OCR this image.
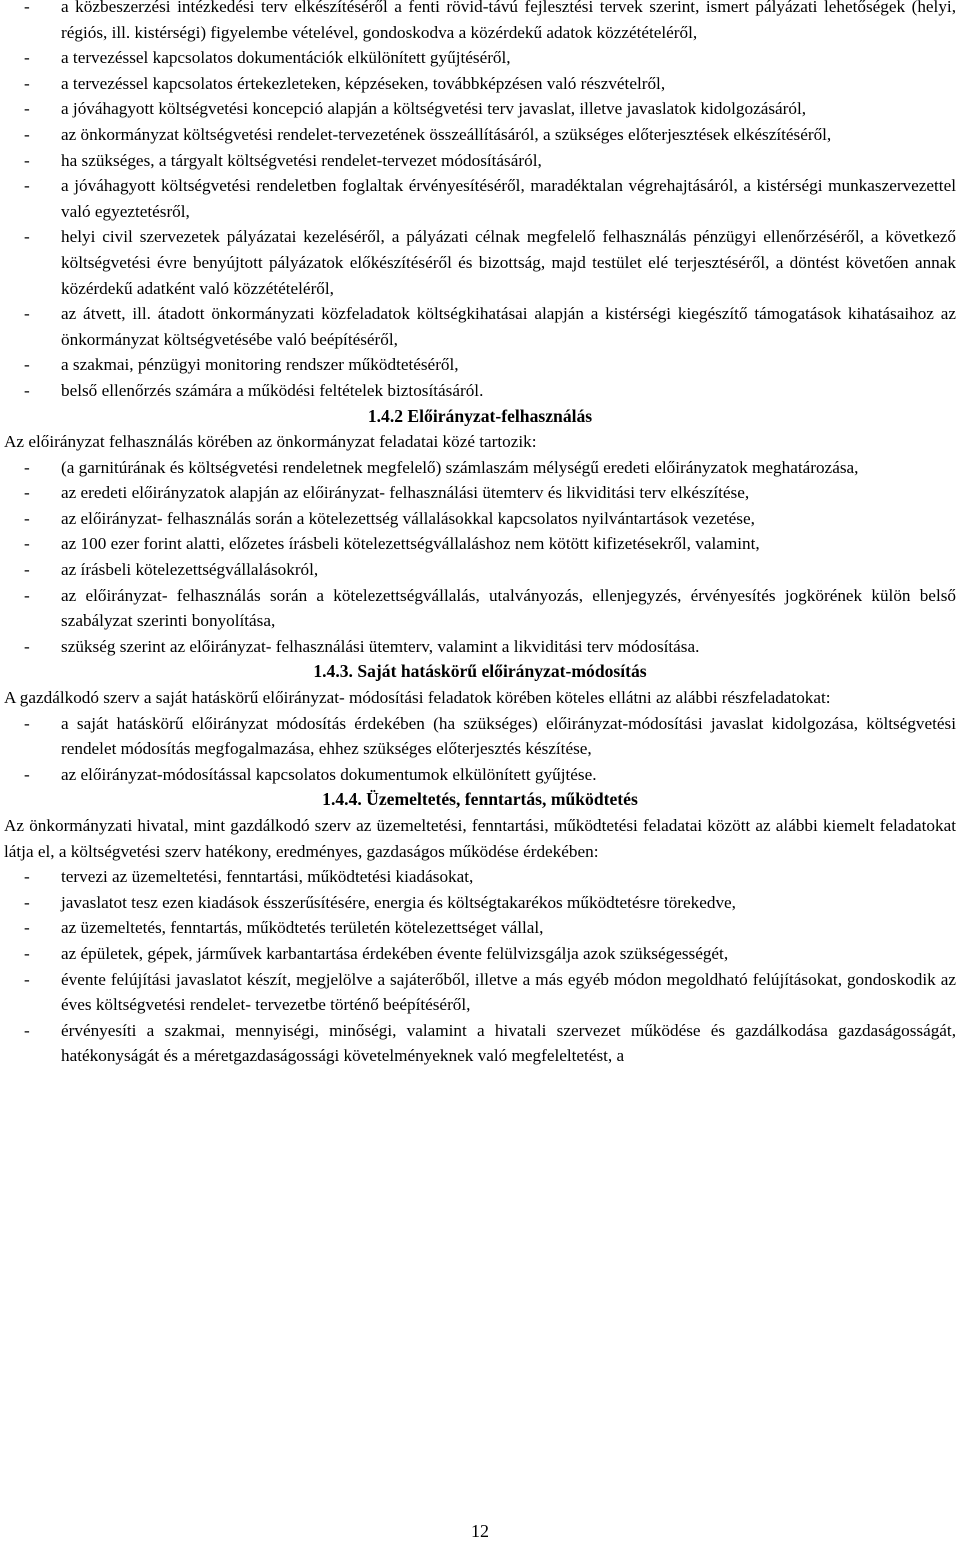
- a közbeszerzési intézkedési terv elkészítéséről a fenti rövid-távú fejlesztési tervek szerint, ismert pályázati lehetőségek (helyi, régiós, ill. kistérségi) figyelembe vételével, gondoskodva a közérdekű adatok közzétételéről,
- a tervezéssel kapcsolatos dokumentációk elkülönített gyűjtéséről,
- a tervezéssel kapcsolatos értekezleteken, képzéseken, továbbképzésen való részvételről,
- a jóváhagyott költségvetési koncepció alapján a költségvetési terv javaslat, illetve javaslatok kidolgozásáról,
- az önkormányzat költségvetési rendelet-tervezetének összeállításáról, a szükséges előterjesztések elkészítéséről,
- ha szükséges, a tárgyalt költségvetési rendelet-tervezet módosításáról,
- a jóváhagyott költségvetési rendeletben foglaltak érvényesítéséről, maradéktalan végrehajtásáról, a kistérségi munkaszervezettel való egyeztetésről,
- helyi civil szervezetek pályázatai kezeléséről, a pályázati célnak megfelelő felhasználás pénzügyi ellenőrzéséről, a következő költségvetési évre benyújtott pályázatok előkészítéséről és bizottság, majd testület elé terjesztéséről, a döntést követően annak közérdekű adatként való közzétételéről,
- az átvett, ill. átadott önkormányzati közfeladatok költségkihatásai alapján a kistérségi kiegészítő támogatások kihatásaihoz az önkormányzat költségvetésébe való beépítéséről,
- a szakmai, pénzügyi monitoring rendszer működtetéséről,
- belső ellenőrzés számára a működési feltételek biztosításáról.
1.4.2 Előirányzat-felhasználás

Az előirányzat felhasználás körében az önkormányzat feladatai közé tartozik:

- (a garnitúrának és költségvetési rendeletnek megfelelő) számlaszám mélységű eredeti előirányzatok meghatározása,
- az eredeti előirányzatok alapján az előirányzat- felhasználási ütemterv és likviditási terv elkészítése,
- az előirányzat- felhasználás során a kötelezettség vállalásokkal kapcsolatos nyilvántartások vezetése,
- az 100 ezer forint alatti, előzetes írásbeli kötelezettségvállaláshoz nem kötött kifizetésekről, valamint,
- az írásbeli kötelezettségvállalásokról,
- az előirányzat- felhasználás során a kötelezettségvállalás, utalványozás, ellenjegyzés, érvényesítés jogkörének külön belső szabályzat szerinti bonyolítása,
- szükség szerint az előirányzat- felhasználási ütemterv, valamint a likviditási terv módosítása.
1.4.3. Saját hatáskörű előirányzat-módosítás

A gazdálkodó szerv a saját hatáskörű előirányzat- módosítási feladatok körében köteles ellátni az alábbi részfeladatokat:

- a saját hatáskörű előirányzat módosítás érdekében (ha szükséges) előirányzat-módosítási javaslat kidolgozása, költségvetési rendelet módosítás megfogalmazása, ehhez szükséges előterjesztés készítése,
- az előirányzat-módosítással kapcsolatos dokumentumok elkülönített gyűjtése.
1.4.4. Üzemeltetés, fenntartás, működtetés

Az önkormányzati hivatal, mint gazdálkodó szerv az üzemeltetési, fenntartási, működtetési feladatai között az alábbi kiemelt feladatokat látja el, a költségvetési szerv hatékony, eredményes, gazdaságos működése érdekében:

- tervezi az üzemeltetési, fenntartási, működtetési kiadásokat,
- javaslatot tesz ezen kiadások ésszerűsítésére, energia és költségtakarékos működtetésre törekedve,
- az üzemeltetés, fenntartás, működtetés területén kötelezettséget vállal,
- az épületek, gépek, járművek karbantartása érdekében évente felülvizsgálja azok szükségességét,
- évente felújítási javaslatot készít, megjelölve a sajáterőből, illetve a más egyéb módon megoldható felújításokat, gondoskodik az éves költségvetési rendelet- tervezetbe történő beépítéséről,
- érvényesíti a szakmai, mennyiségi, minőségi, valamint a hivatali szervezet működése és gazdálkodása gazdaságosságát, hatékonyságát és a méretgazdaságossági követelményeknek való megfeleltetést, a
12
